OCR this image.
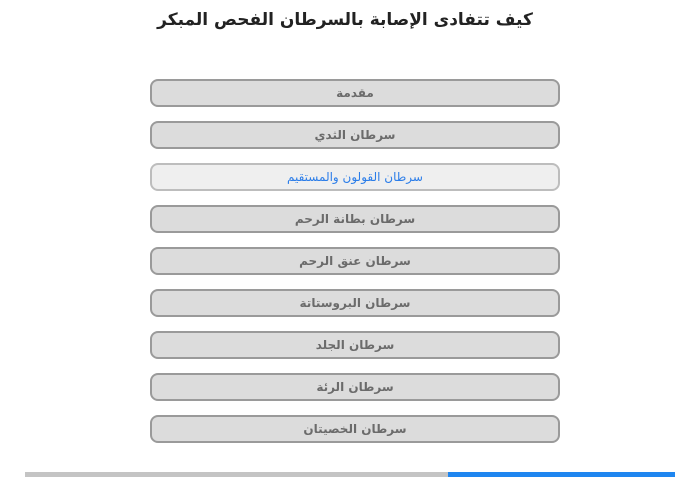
كيف تتفادى الإصابة بالسرطان الفحص المبكر
مقدمة
سرطان الثدي
سرطان القولون والمستقيم
سرطان بطانة الرحم
سرطان عنق الرحم
سرطان البروستاتة
سرطان الجلد
سرطان الرئة
سرطان الخصيتان
